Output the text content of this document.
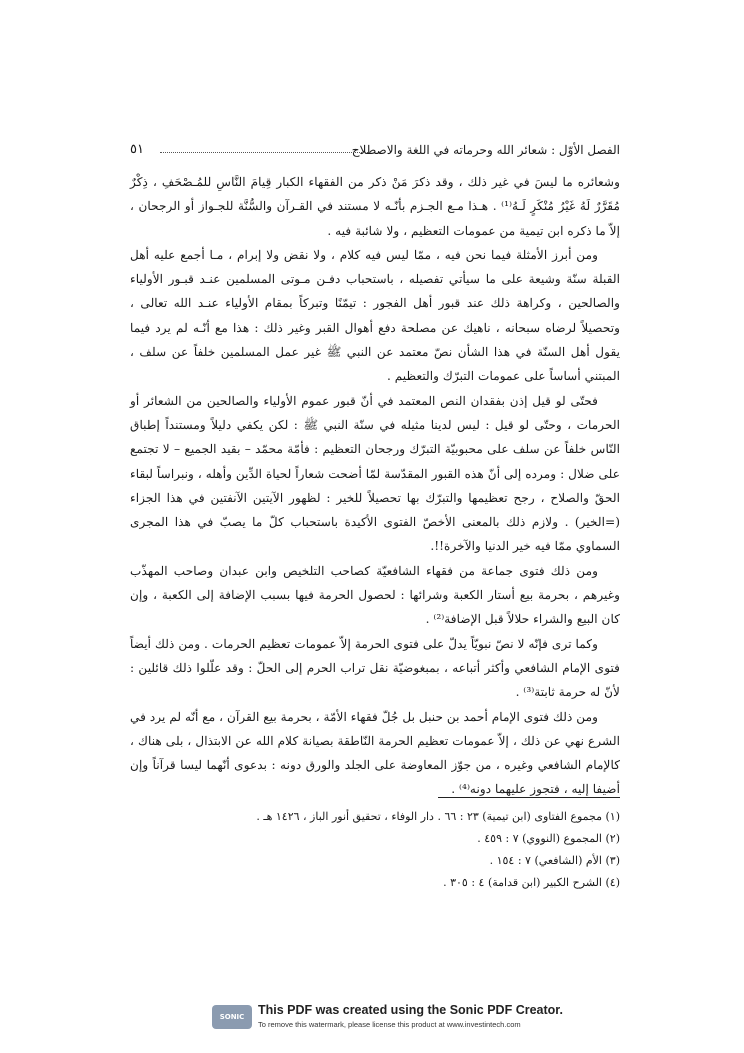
الفصل الأوّل : شعائر الله وحرماته في اللغة والاصطلاح
٥١

وشعائره ما ليسَ في غير ذلك ، وقد ذكرَ مَنْ ذكر من الفقهاء الكبار قِيامَ النَّاسِ للمُـصْحَفِ ، ذِكْرٌ مُقَرَّرٌ لَهُ غَيْرُ مُنْكَرٍ لَـهُ⁽¹⁾ . هـذا مـع الجـزم بأنّـه لا مستند في القـرآن والسُّنَّة للجـواز أو الرجحان ، إلاّ ما ذكره ابن تيمية من عمومات التعظيم ، ولا شائبة فيه .

ومن أبرز الأمثلة فيما نحن فيه ، ممّا ليس فيه كلام ، ولا نقض ولا إبرام ، مـا أجمع عليه أهل القبلة سنّة وشيعة على ما سيأتي تفصيله ، باستحباب دفـن مـوتى المسلمين عنـد قبـور الأولياء والصالحين ، وكراهة ذلك عند قبور أهل الفجور : تيمّنًا وتبركاً بمقام الأولياء عنـد الله تعالى ، وتحصيلاً لرضاه سبحانه ، ناهيك عن مصلحة دفع أهوال القبر وغير ذلك : هذا مع أنّـه لم يرد فيما يقول أهل السنّة في هذا الشأن نصّ معتمد عن النبي ﷺ غير عمل المسلمين خلفاً عن سلف ، المبتني أساساً على عمومات التبرّك والتعظيم .

فحتّى لو قيل إذن بفقدان النص المعتمد في أنّ قبور عموم الأولياء والصالحين من الشعائر أو الحرمات ، وحتّى لو قيل : ليس لدينا مثيله في سنّة النبي ﷺ : لكن يكفي دليلاً ومستنداً إطباق النّاس خلفاً عن سلف على محبوبيّة التبرّك ورجحان التعظيم : فأمّة محمّد – بقيد الجميع – لا تجتمع على ضلال : ومرده إلى أنّ هذه القبور المقدّسة لمّا أضحت شعاراً لحياة الدِّين وأهله ، ونبراساً لبقاء الحقّ والصلاح ، رجح تعظيمها والتبرّك بها تحصيلاً للخير : لظهور الآيتين الآنفتين في هذا الجزاء (=الخير) . ولازم ذلك بالمعنى الأخصّ الفتوى الأكيدة باستحباب كلّ ما يصبّ في هذا المجرى السماوي ممّا فيه خير الدنيا والآخرة!!.

ومن ذلك فتوى جماعة من فقهاء الشافعيّة كصاحب التلخيص وابن عبدان وصاحب المهذّب وغيرهم ، بحرمة بيع أستار الكعبة وشرائها : لحصول الحرمة فيها بسبب الإضافة إلى الكعبة ، وإن كان البيع والشراء حلالاً قبل الإضافة⁽²⁾ .

وكما ترى فإنّه لا نصّ نبويّاً يدلّ على فتوى الحرمة إلاّ عمومات تعظيم الحرمات . ومن ذلك أيضاً فتوى الإمام الشافعي وأكثر أتباعه ، بمبغوضيّة نقل تراب الحرم إلى الحلّ : وقد علّلوا ذلك قائلين : لأنّ له حرمة ثابتة⁽³⁾ .

ومن ذلك فتوى الإمام أحمد بن حنبل بل جُلّ فقهاء الأمّة ، بحرمة بيع القرآن ، مع أنّه لم يرد في الشرع نهي عن ذلك ، إلاّ عمومات تعظيم الحرمة النّاطقة بصيانة كلام الله عن الابتذال ، بلى هناك ، كالإمام الشافعي وغيره ، من جوّز المعاوضة على الجلد والورق دونه : بدعوى أنّهما ليسا قرآناً وإن أضيفا إليه ، فتجوز عليهما دونه⁽⁴⁾ .

(١) مجموع الفتاوى (ابن تيمية) ٢٣ : ٦٦ . دار الوفاء ، تحقيق أنور الباز ، ١٤٢٦ هـ .
(٢) المجموع (النووي) ٧ : ٤٥٩ .
(٣) الأم (الشافعي) ٧ : ١٥٤ .
(٤) الشرح الكبير (ابن قدامة) ٤ : ٣٠٥ .
SONIC PDF
This PDF was created using the Sonic PDF Creator.
To remove this watermark, please license this product at www.investintech.com
